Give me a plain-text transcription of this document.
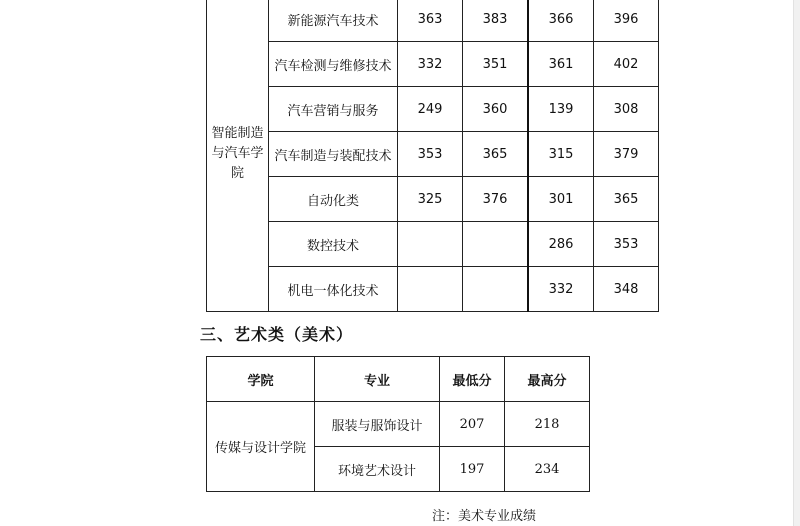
智能制造与汽车学院	新能源汽车技术	363	383	366	396
	汽车检测与维修技术	332	351	361	402
	汽车营销与服务	249	360	139	308
	汽车制造与装配技术	353	365	315	379
	自动化类	325	376	301	365
	数控技术			286	353
	机电一体化技术			332	348
三、艺术类（美术）
学院	专业	最低分	最高分
传媒与设计学院	服装与服饰设计	207	218
	环境艺术设计	197	234
注：美术专业成绩
